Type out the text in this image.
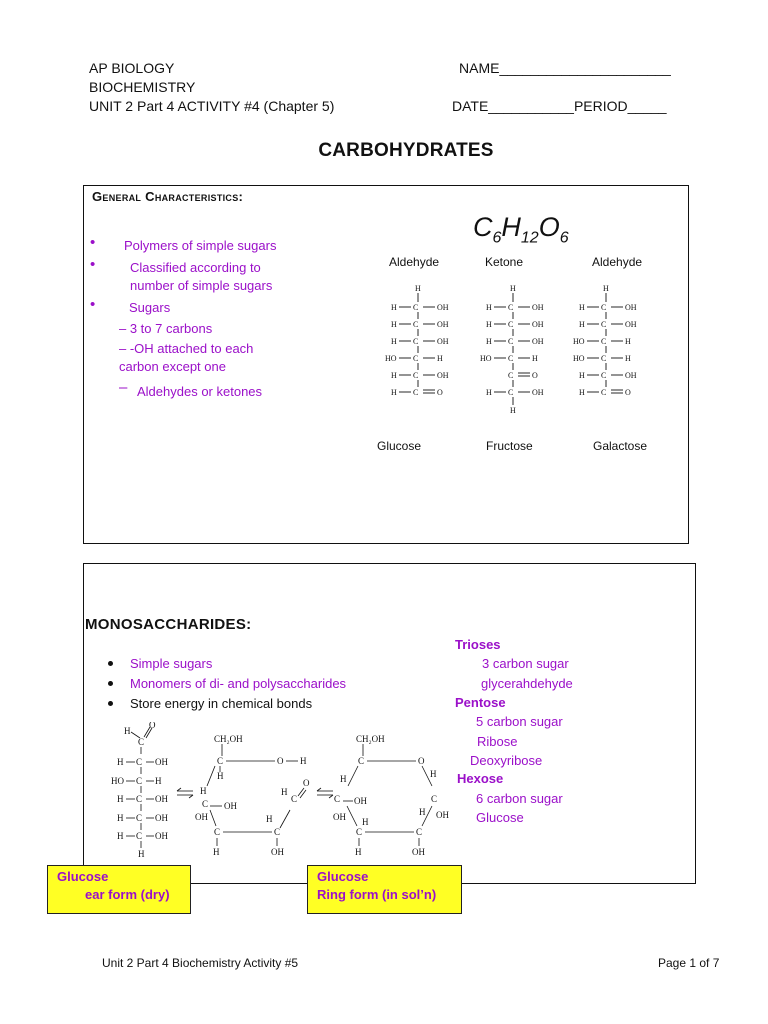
AP BIOLOGY
BIOCHEMISTRY
UNIT 2 Part 4 ACTIVITY #4 (Chapter 5)
NAME______________________
DATE___________PERIOD_____
CARBOHYDRATES
General Characteristics:
• Polymers of simple sugars
•	Classified according to
number of simple sugars
•	Sugars
– 3 to 7 carbons
– -OH attached to each
carbon except one
– Aldehydes or ketones
$C_6H_{12}O_6$
Aldehyde	Ketone	Aldehyde
H
H C OH
H C OH
H C OH
HO C H
H C OH
H C O
H
H C OH
H C OH
H C OH
HO C H
C O
H C OH
H
H
H C OH
H C OH
HO C H
HO C H
H C OH
H C O
Glucose	Fructose	Galactose
MONOSACCHARIDES:
Simple sugars
Monomers of di- and polysaccharides
Store energy in chemical bonds
Trioses
3 carbon sugar
glycerahdehyde
Pentose
5 carbon sugar
Ribose
Deoxyribose
Hexose
6 carbon sugar
Glucose
H
C
O
H C OH
HO C H
H C OH
H C OH
H C OH
H
CH₂OH
C	O H
H
H
C
OH
OH
C	C
H	OH
H
C
O
H
CH₂OH
C	O
H
C
H
C
OH
OH
OH
H
C	C
H
H	OH
Glucose
ear form (dry)
Glucose
Ring form (in sol’n)
Unit 2 Part 4 Biochemistry Activity #5	Page 1 of 7
